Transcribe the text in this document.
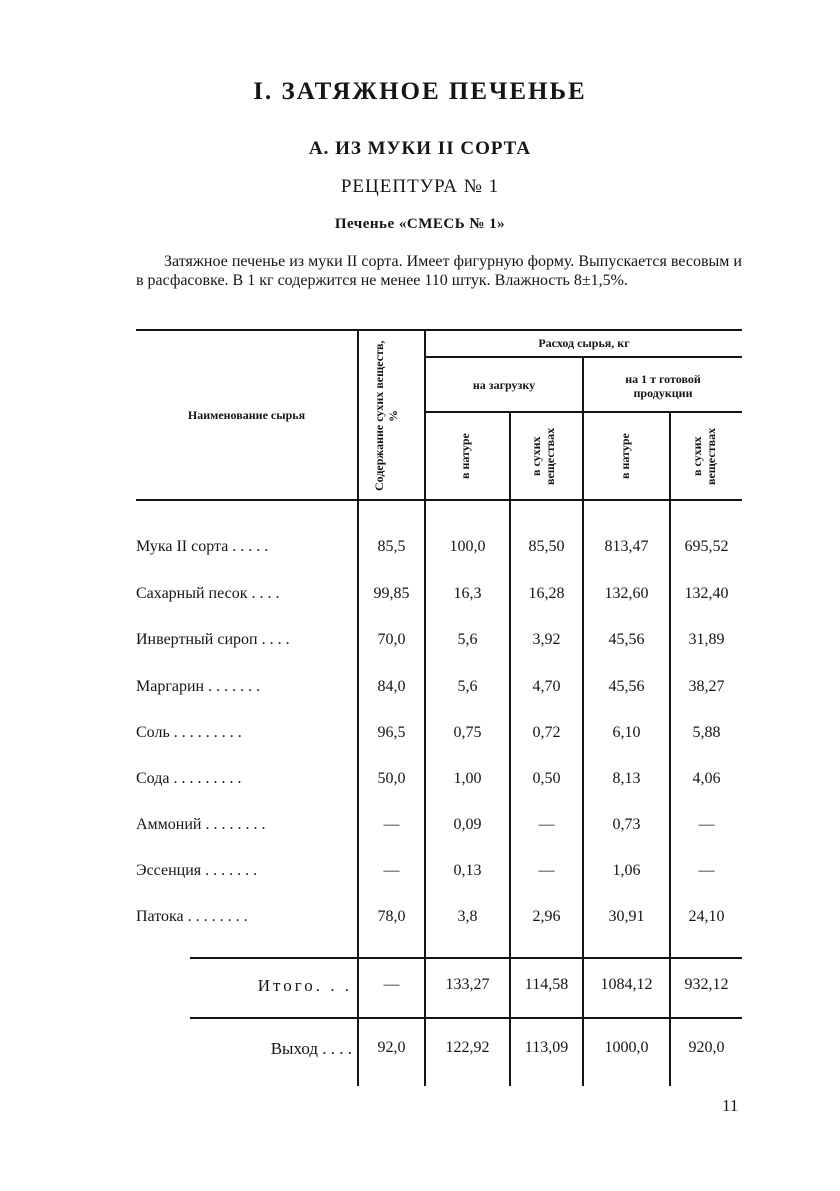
I. ЗАТЯЖНОЕ ПЕЧЕНЬЕ
А. ИЗ МУКИ II СОРТА
РЕЦЕПТУРА № 1
Печенье «СМЕСЬ № 1»

Затяжное печенье из муки II сорта. Имеет фигурную форму. Выпускается весовым и в расфасовке. В 1 кг содержится не менее 110 штук. Влажность 8±1,5%.

Наименование сырья	Содержание сухих веществ, %
Расход сырья, кг
на загрузку	на 1 т готовой продукции
в натуре	в сухих веществах	в натуре	в сухих веществах
Мука II сорта . . . . .	85,5	100,0	85,50	813,47	695,52
Сахарный песок . . . .	99,85	16,3	16,28	132,60	132,40
Инвертный сироп . . . .	70,0	5,6	3,92	45,56	31,89
Маргарин . . . . . . .	84,0	5,6	4,70	45,56	38,27
Соль . . . . . . . . .	96,5	0,75	0,72	6,10	5,88
Сода . . . . . . . . .	50,0	1,00	0,50	8,13	4,06
Аммоний . . . . . . . .	—	0,09	—	0,73	—
Эссенция . . . . . . .	—	0,13	—	1,06	—
Патока . . . . . . . .	78,0	3,8	2,96	30,91	24,10
Итого. . .	—	133,27	114,58	1084,12	932,12
Выход . . . .	92,0	122,92	113,09	1000,0	920,0
11
